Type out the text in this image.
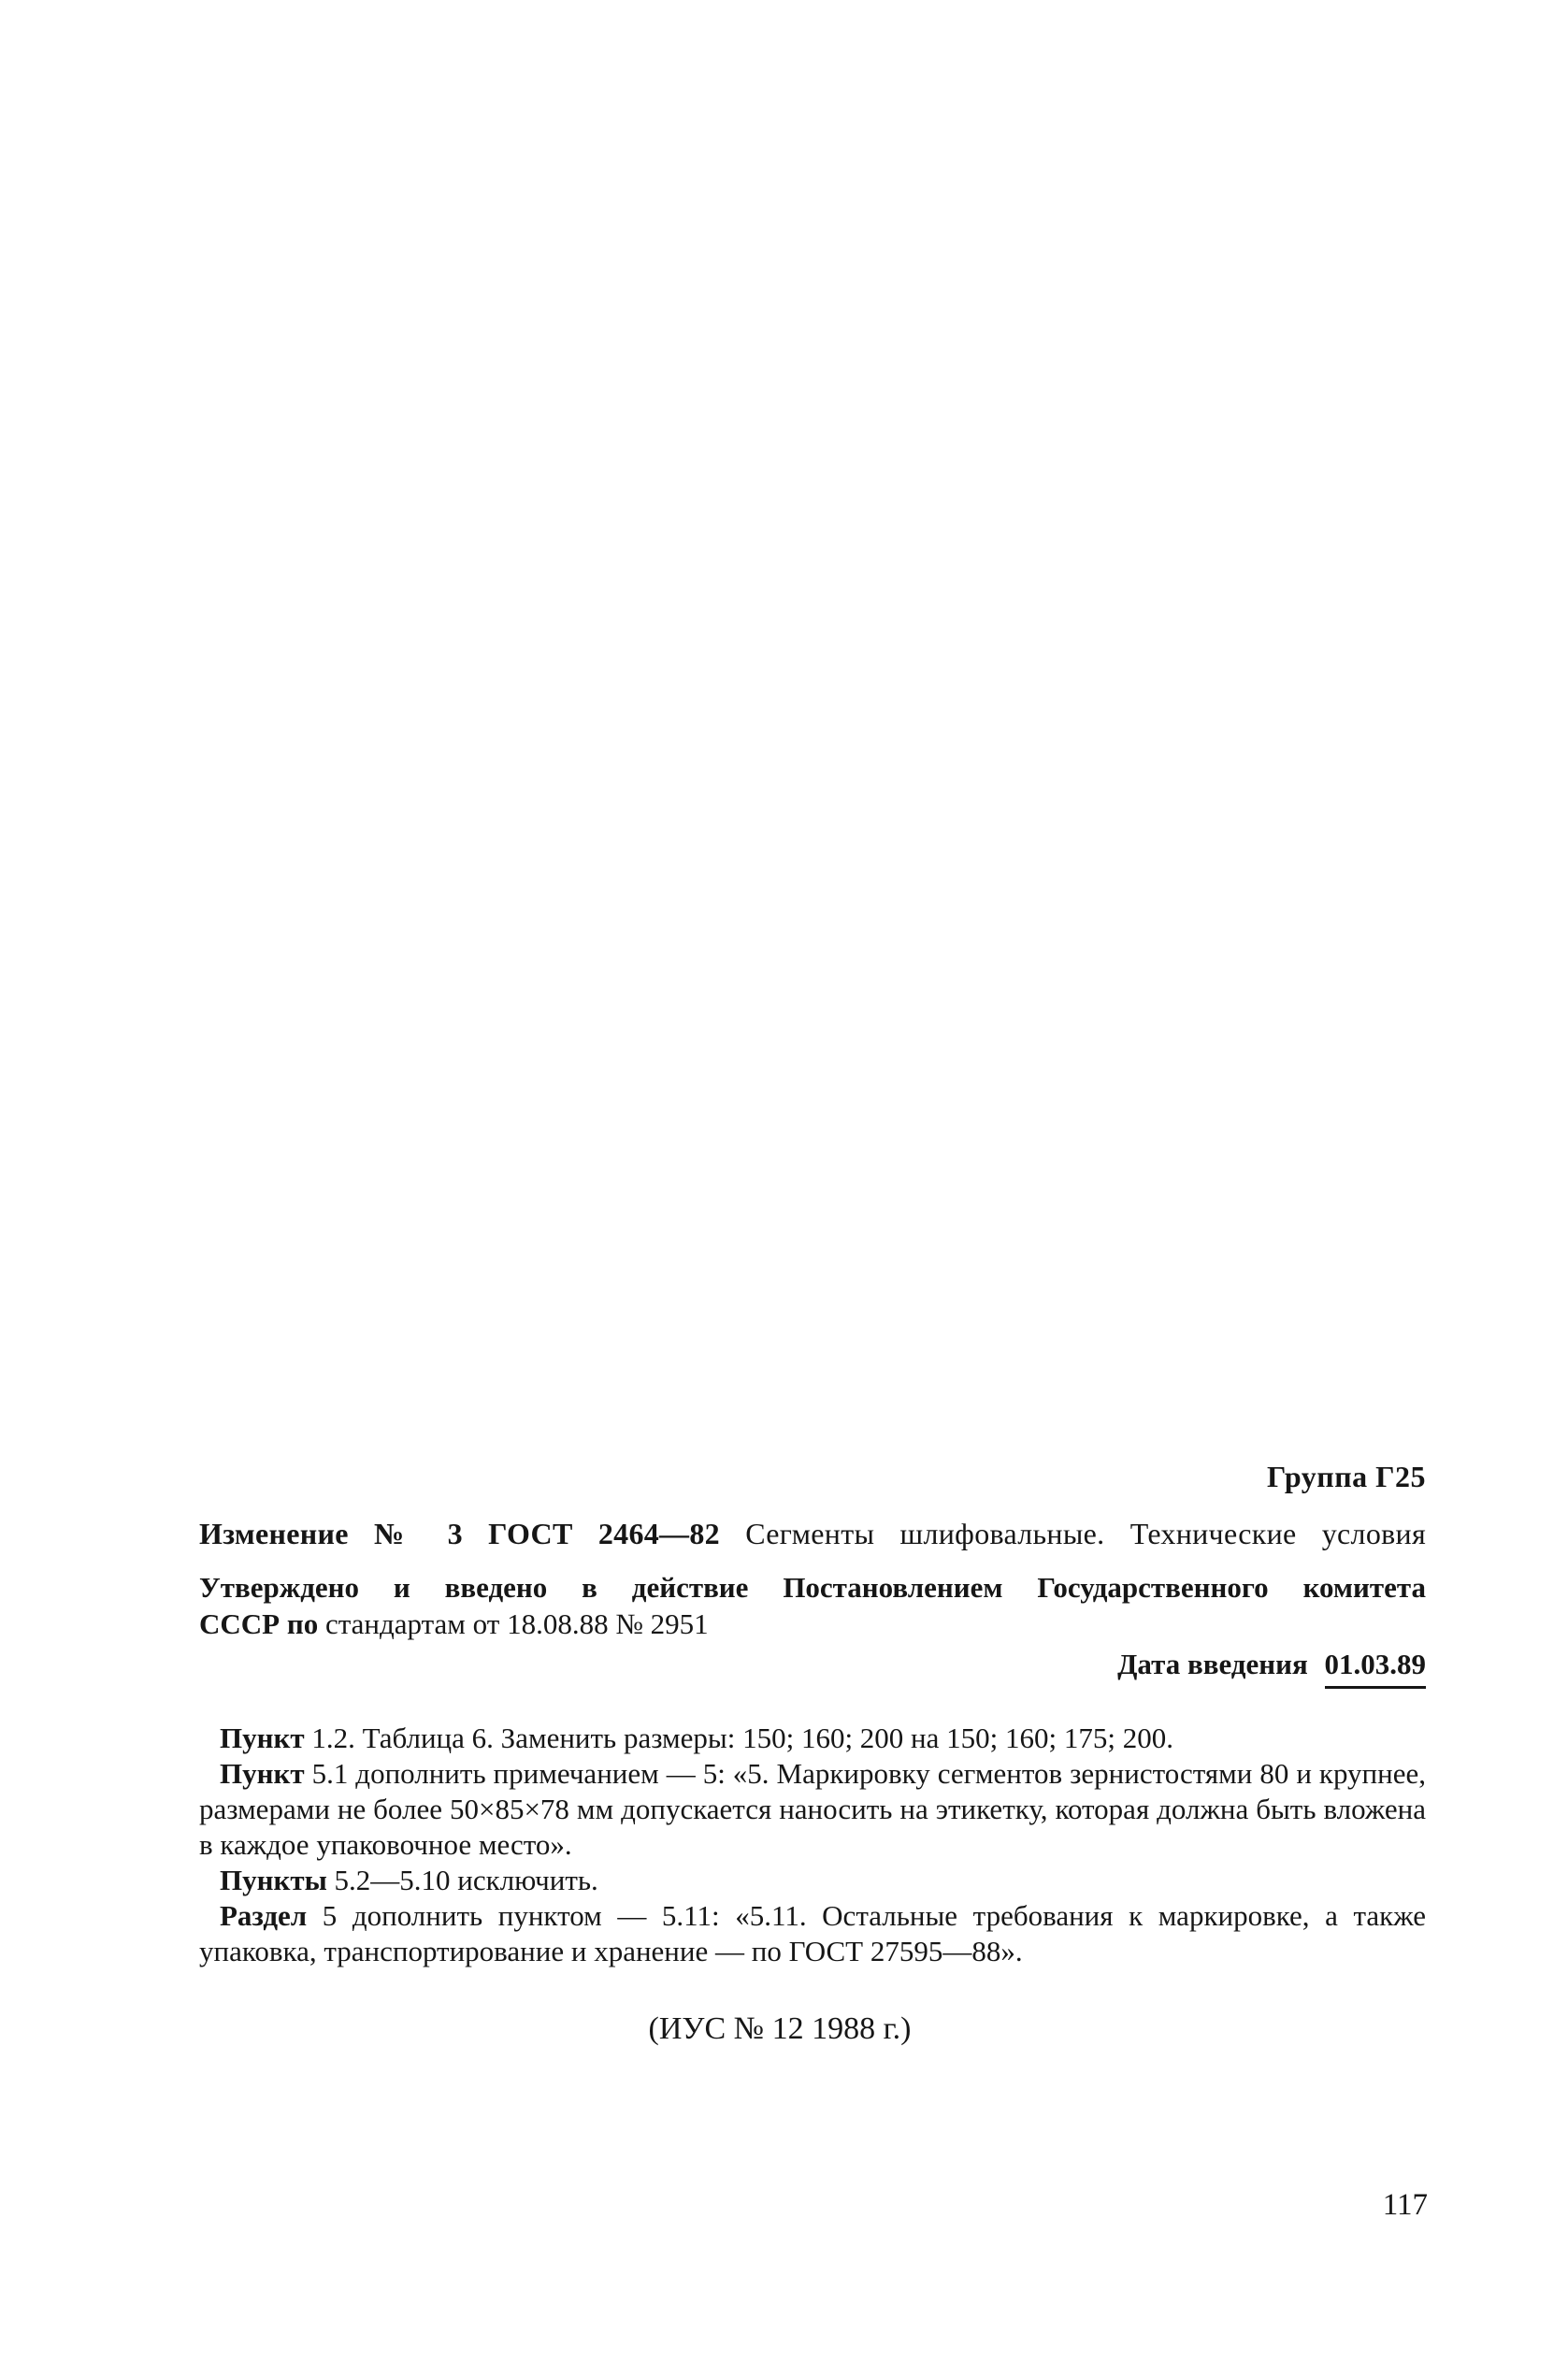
Группа Г25
Изменение № 3 ГОСТ 2464—82 Сегменты шлифовальные. Технические условия
Утверждено и введено в действие Постановлением Государственного комитета
СССР по стандартам от 18.08.88 № 2951
Дата введения 01.03.89

Пункт 1.2. Таблица 6. Заменить размеры: 150; 160; 200 на 150; 160; 175; 200.

Пункт 5.1 дополнить примечанием — 5: «5. Маркировку сегментов зернистостями 80 и крупнее, размерами не более 50×85×78 мм допускается наносить на этикетку, которая должна быть вложена в каждое упаковочное место».

Пункты 5.2—5.10 исключить.

Раздел 5 дополнить пунктом — 5.11: «5.11. Остальные требования к маркировке, а также упаковка, транспортирование и хранение — по ГОСТ 27595—88».

(ИУС № 12 1988 г.)
117
